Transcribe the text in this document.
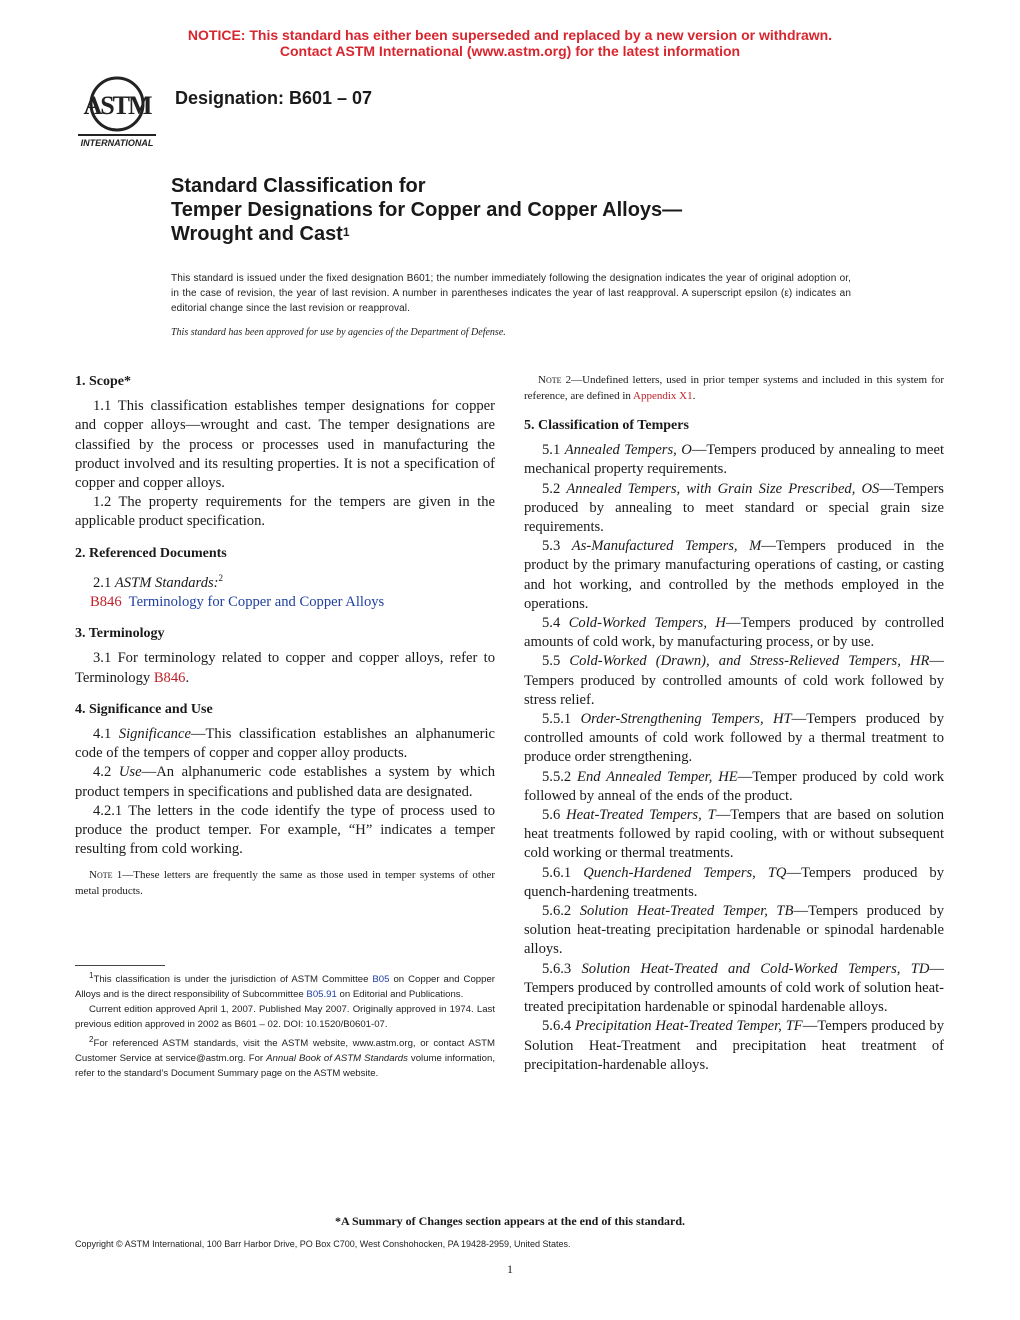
NOTICE: This standard has either been superseded and replaced by a new version or withdrawn.
Contact ASTM International (www.astm.org) for the latest information
ASTM
INTERNATIONAL
Designation: B601 – 07
Standard Classification for
Temper Designations for Copper and Copper Alloys—
Wrought and Cast$^1$
This standard is issued under the fixed designation B601; the number immediately following the designation indicates the year of original adoption or, in the case of revision, the year of last revision. A number in parentheses indicates the year of last reapproval. A superscript epsilon (ε) indicates an editorial change since the last revision or reapproval.
This standard has been approved for use by agencies of the Department of Defense.
1. Scope*

1.1 This classification establishes temper designations for copper and copper alloys—wrought and cast. The temper designations are classified by the process or processes used in manufacturing the product involved and its resulting properties. It is not a specification of copper and copper alloys.

1.2 The property requirements for the tempers are given in the applicable product specification.

2. Referenced Documents

2.1 ASTM Standards:$^2$

B846 Terminology for Copper and Copper Alloys

3. Terminology

3.1 For terminology related to copper and copper alloys, refer to Terminology B846.

4. Significance and Use

4.1 Significance—This classification establishes an alphanumeric code of the tempers of copper and copper alloy products.

4.2 Use—An alphanumeric code establishes a system by which product tempers in specifications and published data are designated.

4.2.1 The letters in the code identify the type of process used to produce the product temper. For example, “H” indicates a temper resulting from cold working.

Note 1—These letters are frequently the same as those used in temper systems of other metal products.

Note 2—Undefined letters, used in prior temper systems and included in this system for reference, are defined in Appendix X1.

5. Classification of Tempers

5.1 Annealed Tempers, O—Tempers produced by annealing to meet mechanical property requirements.

5.2 Annealed Tempers, with Grain Size Prescribed, OS—Tempers produced by annealing to meet standard or special grain size requirements.

5.3 As-Manufactured Tempers, M—Tempers produced in the product by the primary manufacturing operations of casting, or casting and hot working, and controlled by the methods employed in the operations.

5.4 Cold-Worked Tempers, H—Tempers produced by controlled amounts of cold work, by manufacturing process, or by use.

5.5 Cold-Worked (Drawn), and Stress-Relieved Tempers, HR—Tempers produced by controlled amounts of cold work followed by stress relief.

5.5.1 Order-Strengthening Tempers, HT—Tempers produced by controlled amounts of cold work followed by a thermal treatment to produce order strengthening.

5.5.2 End Annealed Temper, HE—Temper produced by cold work followed by anneal of the ends of the product.

5.6 Heat-Treated Tempers, T—Tempers that are based on solution heat treatments followed by rapid cooling, with or without subsequent cold working or thermal treatments.

5.6.1 Quench-Hardened Tempers, TQ—Tempers produced by quench-hardening treatments.

5.6.2 Solution Heat-Treated Temper, TB—Tempers produced by solution heat-treating precipitation hardenable or spinodal hardenable alloys.

5.6.3 Solution Heat-Treated and Cold-Worked Tempers, TD—Tempers produced by controlled amounts of cold work of solution heat-treated precipitation hardenable or spinodal hardenable alloys.

5.6.4 Precipitation Heat-Treated Temper, TF—Tempers produced by Solution Heat-Treatment and precipitation heat treatment of precipitation-hardenable alloys.

$^1$This classification is under the jurisdiction of ASTM Committee B05 on Copper and Copper Alloys and is the direct responsibility of Subcommittee B05.91 on Editorial and Publications.

Current edition approved April 1, 2007. Published May 2007. Originally approved in 1974. Last previous edition approved in 2002 as B601 – 02. DOI: 10.1520/B0601-07.

$^2$For referenced ASTM standards, visit the ASTM website, www.astm.org, or contact ASTM Customer Service at service@astm.org. For Annual Book of ASTM Standards volume information, refer to the standard’s Document Summary page on the ASTM website.

*A Summary of Changes section appears at the end of this standard.
Copyright © ASTM International, 100 Barr Harbor Drive, PO Box C700, West Conshohocken, PA 19428-2959, United States.
1
